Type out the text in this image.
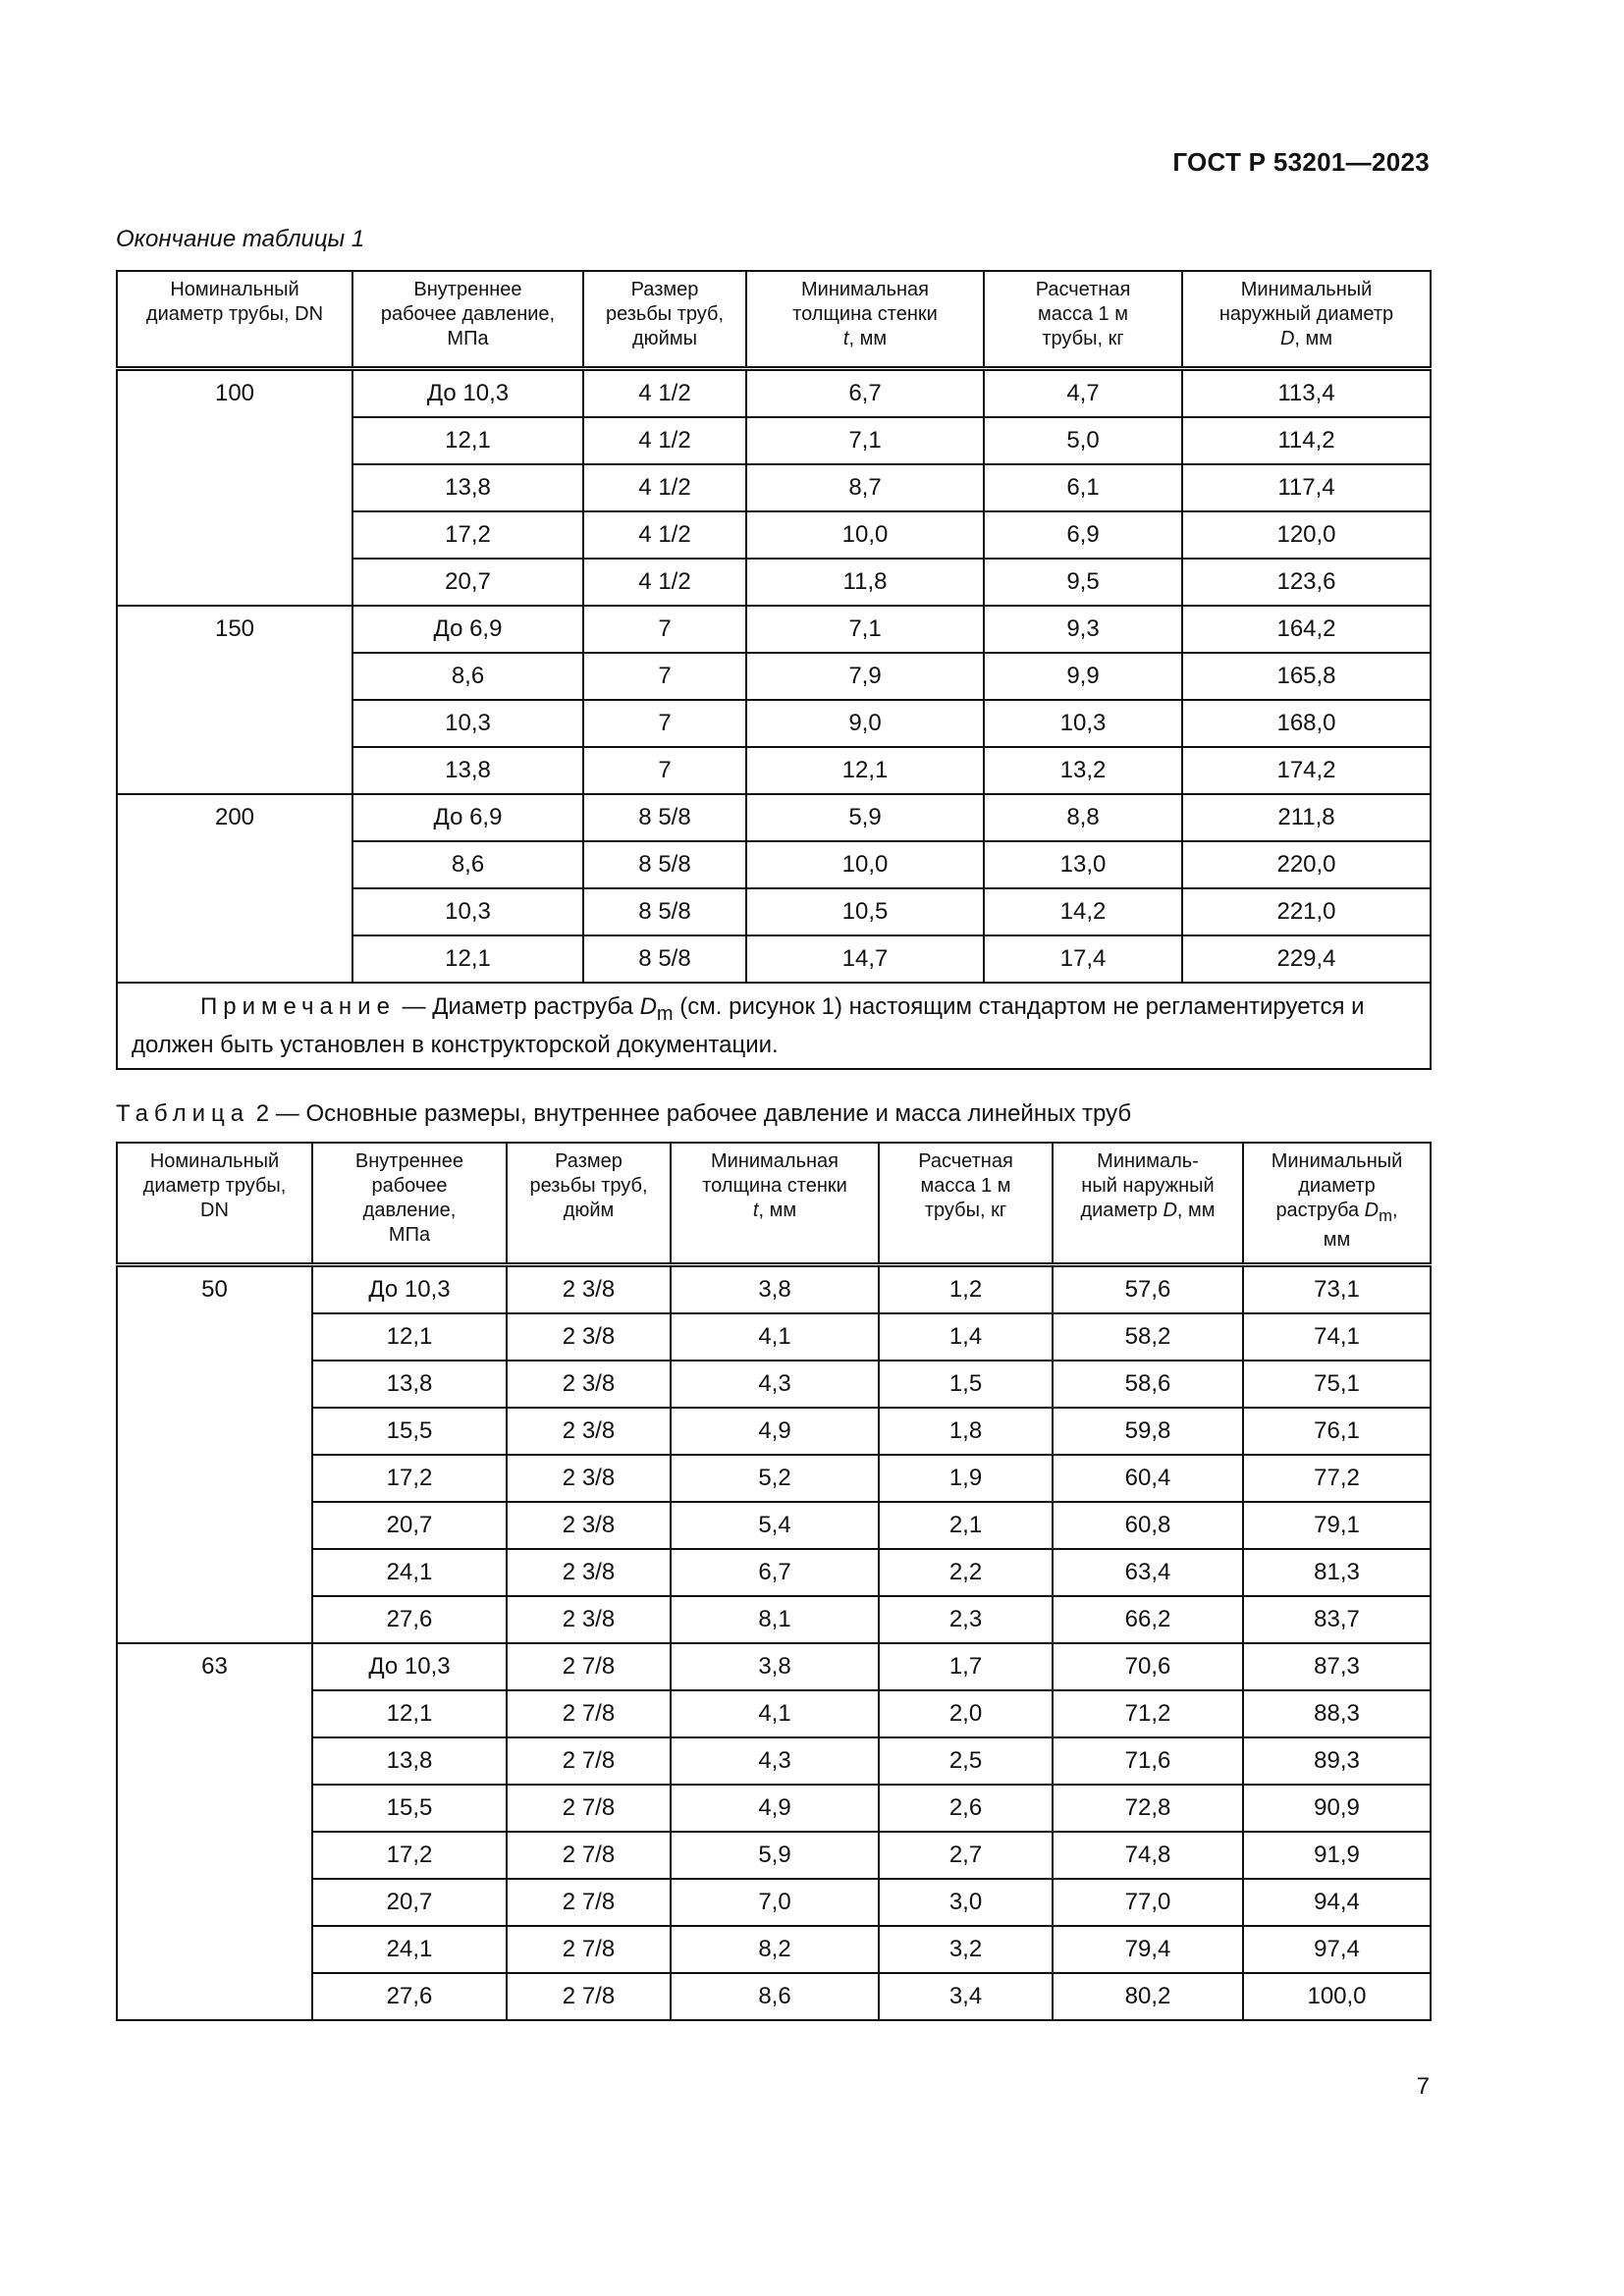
ГОСТ Р 53201—2023
Окончание таблицы 1
Номинальный
диаметр трубы, DN	Внутреннее
рабочее давление,
МПа	Размер
резьбы труб,
дюймы	Минимальная
толщина стенки
t, мм	Расчетная
масса 1 м
трубы, кг	Минимальный
наружный диаметр
D, мм
100	До 10,3	4 1/2	6,7	4,7	113,4
	12,1	4 1/2	7,1	5,0	114,2
	13,8	4 1/2	8,7	6,1	117,4
	17,2	4 1/2	10,0	6,9	120,0
	20,7	4 1/2	11,8	9,5	123,6
150	До 6,9	7	7,1	9,3	164,2
	8,6	7	7,9	9,9	165,8
	10,3	7	9,0	10,3	168,0
	13,8	7	12,1	13,2	174,2
200	До 6,9	8 5/8	5,9	8,8	211,8
	8,6	8 5/8	10,0	13,0	220,0
	10,3	8 5/8	10,5	14,2	221,0
	12,1	8 5/8	14,7	17,4	229,4
Примечание — Диаметр раструба $D_m$ (см. рисунок 1) настоящим стандартом не регламентируется и должен быть установлен в конструкторской документации.					
Таблица 2 — Основные размеры, внутреннее рабочее давление и масса линейных труб
Номинальный
диаметр трубы,
DN	Внутреннее
рабочее
давление,
МПа	Размер
резьбы труб,
дюйм	Минимальная
толщина стенки
t, мм	Расчетная
масса 1 м
трубы, кг	Минималь-
ный наружный
диаметр D, мм	Минимальный
диаметр
раструба $D_m$,
мм
50	До 10,3	2 3/8	3,8	1,2	57,6	73,1
	12,1	2 3/8	4,1	1,4	58,2	74,1
	13,8	2 3/8	4,3	1,5	58,6	75,1
	15,5	2 3/8	4,9	1,8	59,8	76,1
	17,2	2 3/8	5,2	1,9	60,4	77,2
	20,7	2 3/8	5,4	2,1	60,8	79,1
	24,1	2 3/8	6,7	2,2	63,4	81,3
	27,6	2 3/8	8,1	2,3	66,2	83,7
63	До 10,3	2 7/8	3,8	1,7	70,6	87,3
	12,1	2 7/8	4,1	2,0	71,2	88,3
	13,8	2 7/8	4,3	2,5	71,6	89,3
	15,5	2 7/8	4,9	2,6	72,8	90,9
	17,2	2 7/8	5,9	2,7	74,8	91,9
	20,7	2 7/8	7,0	3,0	77,0	94,4
	24,1	2 7/8	8,2	3,2	79,4	97,4
	27,6	2 7/8	8,6	3,4	80,2	100,0
7
